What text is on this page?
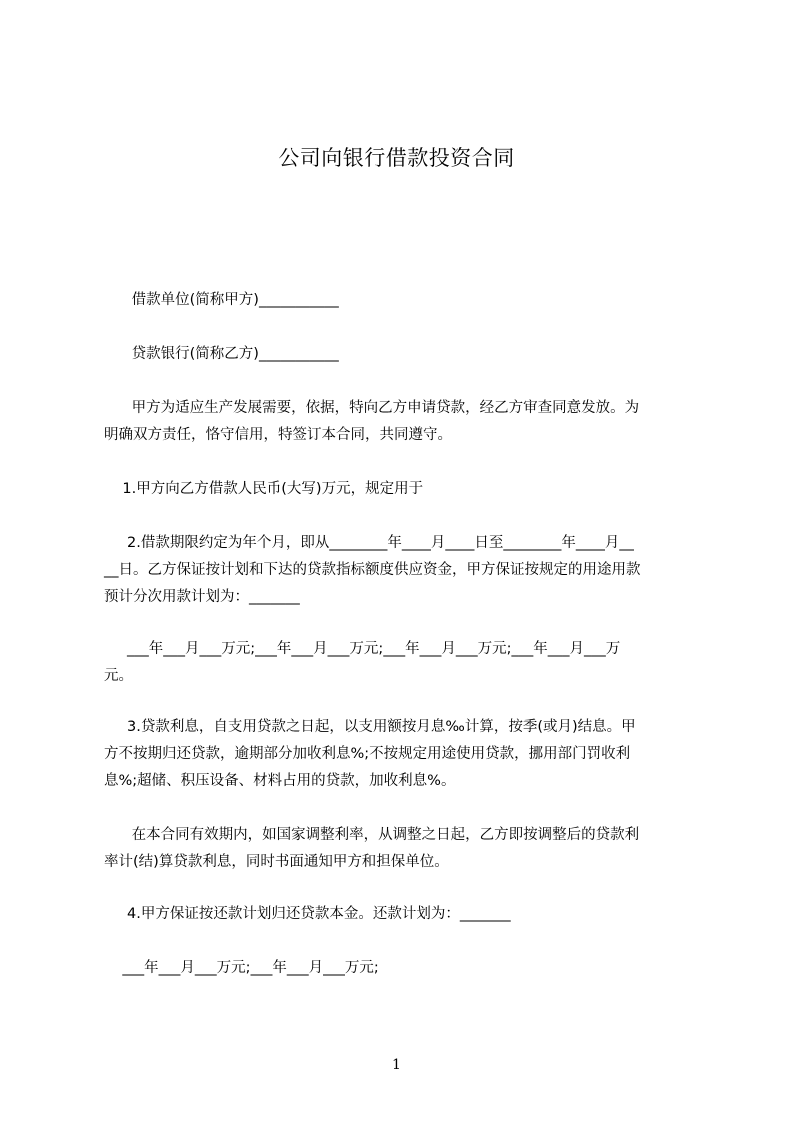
公司向银行借款投资合同

借款单位(简称甲方)___________

贷款银行(简称乙方)___________

甲方为适应生产发展需要，依据，特向乙方申请贷款，经乙方审查同意发放。为

明确双方责任，恪守信用，特签订本合同，共同遵守。

1.甲方向乙方借款人民币(大写)万元，规定用于

2.借款期限约定为年个月，即从________年____月____日至________年____月__

__日。乙方保证按计划和下达的贷款指标额度供应资金，甲方保证按规定的用途用款

预计分次用款计划为：_______

___年___月___万元;___年___月___万元;___年___月___万元;___年___月___万

元。

3.贷款利息，自支用贷款之日起，以支用额按月息‰计算，按季(或月)结息。甲

方不按期归还贷款，逾期部分加收利息%;不按规定用途使用贷款，挪用部门罚收利

息%;超储、积压设备、材料占用的贷款，加收利息%。

在本合同有效期内，如国家调整利率，从调整之日起，乙方即按调整后的贷款利

率计(结)算贷款利息，同时书面通知甲方和担保单位。

4.甲方保证按还款计划归还贷款本金。还款计划为：_______

___年___月___万元;___年___月___万元;

1
